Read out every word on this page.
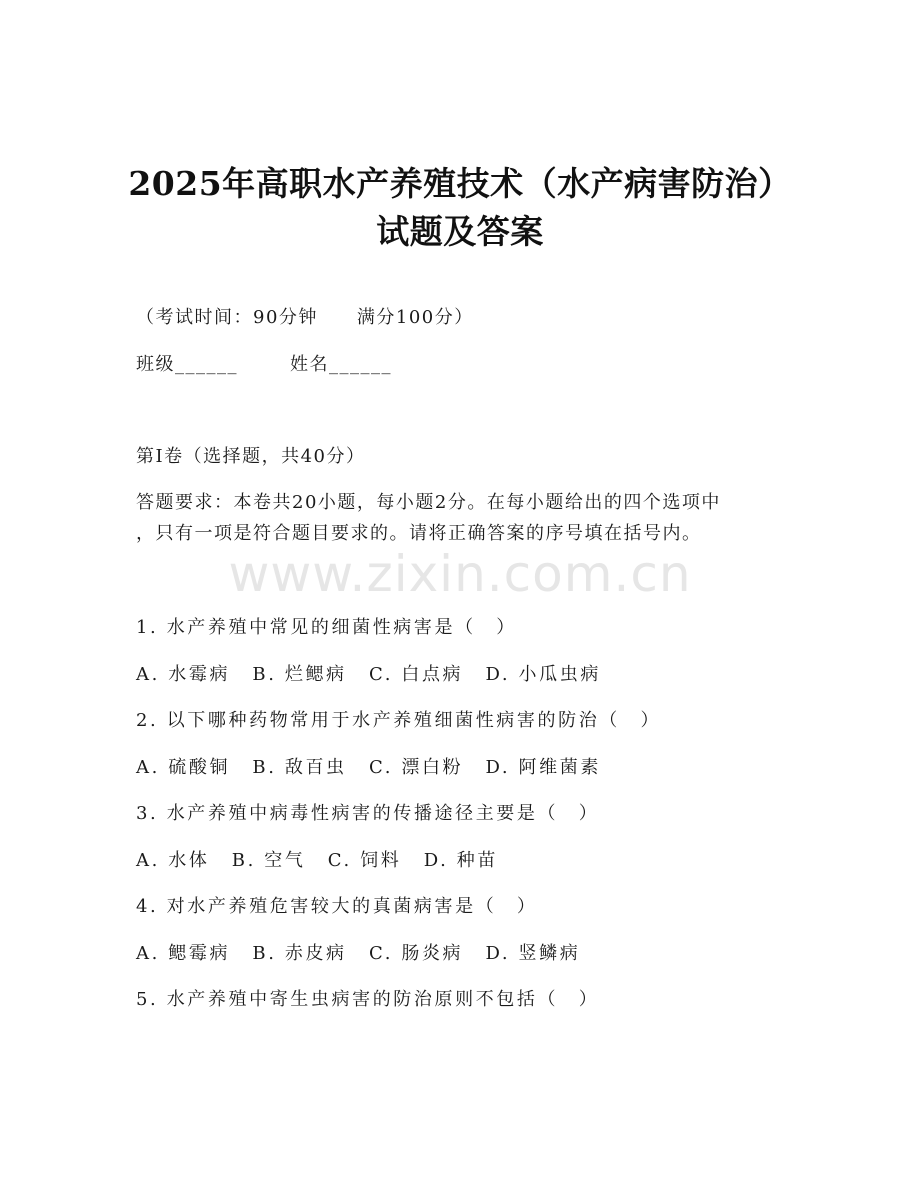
www.zixin.com.cn
2025年高职水产养殖技术（水产病害防治）
试题及答案
（考试时间：90分钟　　满分100分）
班级______	姓名______
第Ⅰ卷（选择题，共40分）
答题要求：本卷共20小题，每小题2分。在每小题给出的四个选项中
，只有一项是符合题目要求的。请将正确答案的序号填在括号内。
1. 水产养殖中常见的细菌性病害是（　）
A. 水霉病 B. 烂鳃病 C. 白点病 D. 小瓜虫病
2. 以下哪种药物常用于水产养殖细菌性病害的防治（　）
A. 硫酸铜 B. 敌百虫 C. 漂白粉 D. 阿维菌素
3. 水产养殖中病毒性病害的传播途径主要是（　）
A. 水体 B. 空气 C. 饲料 D. 种苗
4. 对水产养殖危害较大的真菌病害是（　）
A. 鳃霉病 B. 赤皮病 C. 肠炎病 D. 竖鳞病
5. 水产养殖中寄生虫病害的防治原则不包括（　）
